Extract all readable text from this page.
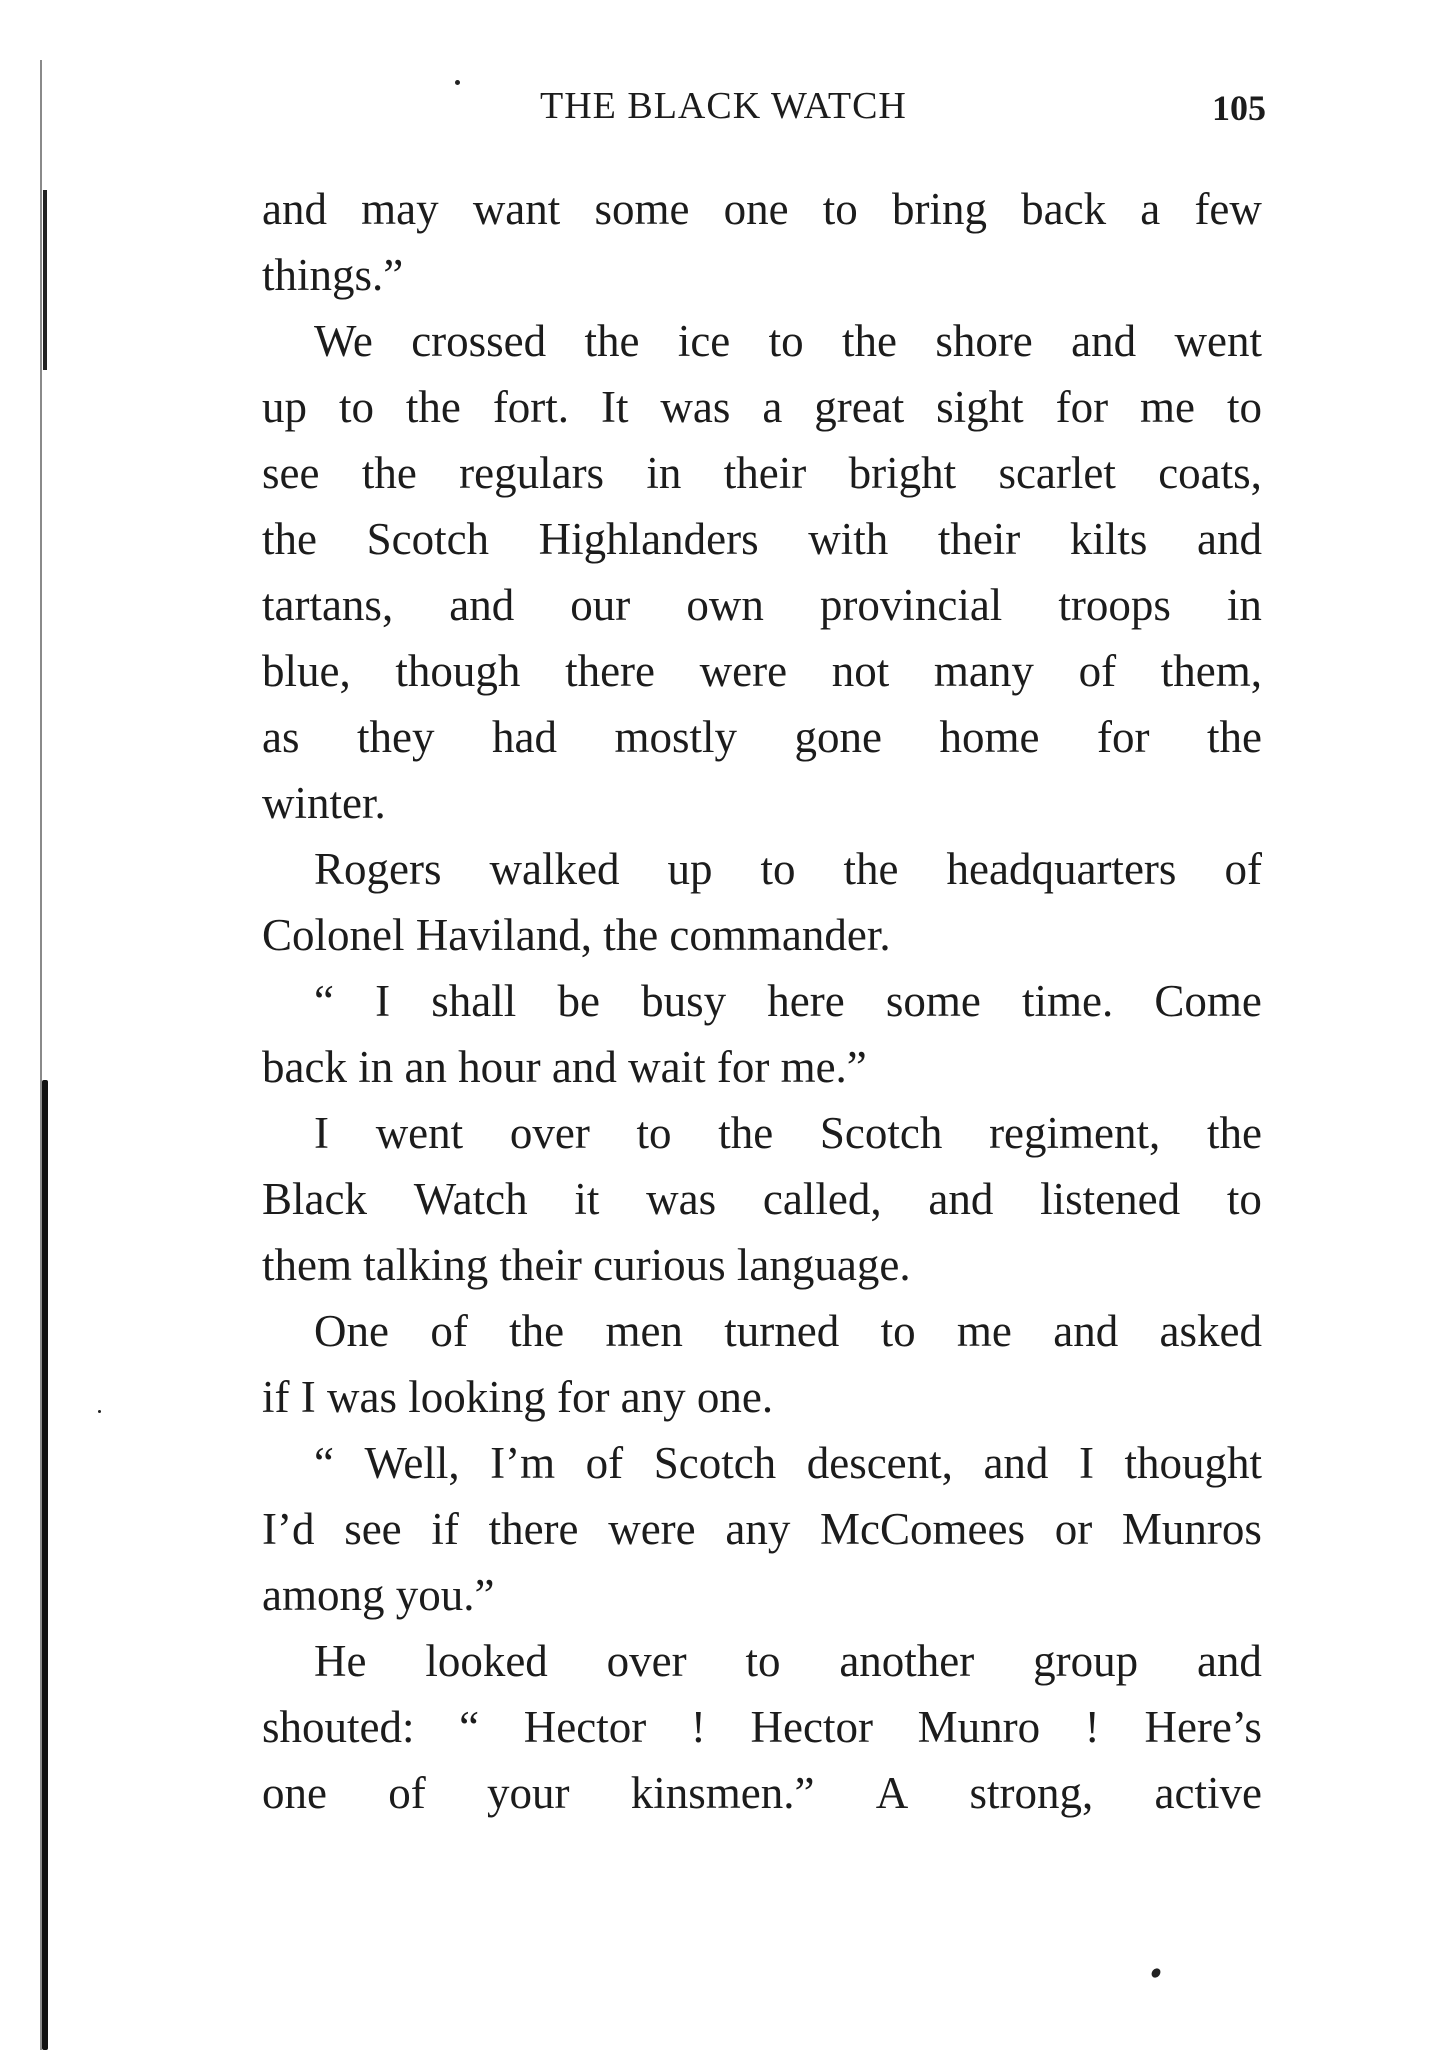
THE BLACK WATCH	105
and may want some one to bring back a few
things.”
We crossed the ice to the shore and went
up to the fort. It was a great sight for me to
see the regulars in their bright scarlet coats,
the Scotch Highlanders with their kilts and
tartans, and our own provincial troops in
blue, though there were not many of them,
as they had mostly gone home for the
winter.
Rogers walked up to the headquarters of
Colonel Haviland, the commander.
“ I shall be busy here some time. Come
back in an hour and wait for me.”
I went over to the Scotch regiment, the
Black Watch it was called, and listened to
them talking their curious language.
One of the men turned to me and asked
if I was looking for any one.
“ Well, I’m of Scotch descent, and I thought
I’d see if there were any McComees or Munros
among you.”
He looked over to another group and
shouted: “ Hector ! Hector Munro ! Here’s
one of your kinsmen.” A strong, active
